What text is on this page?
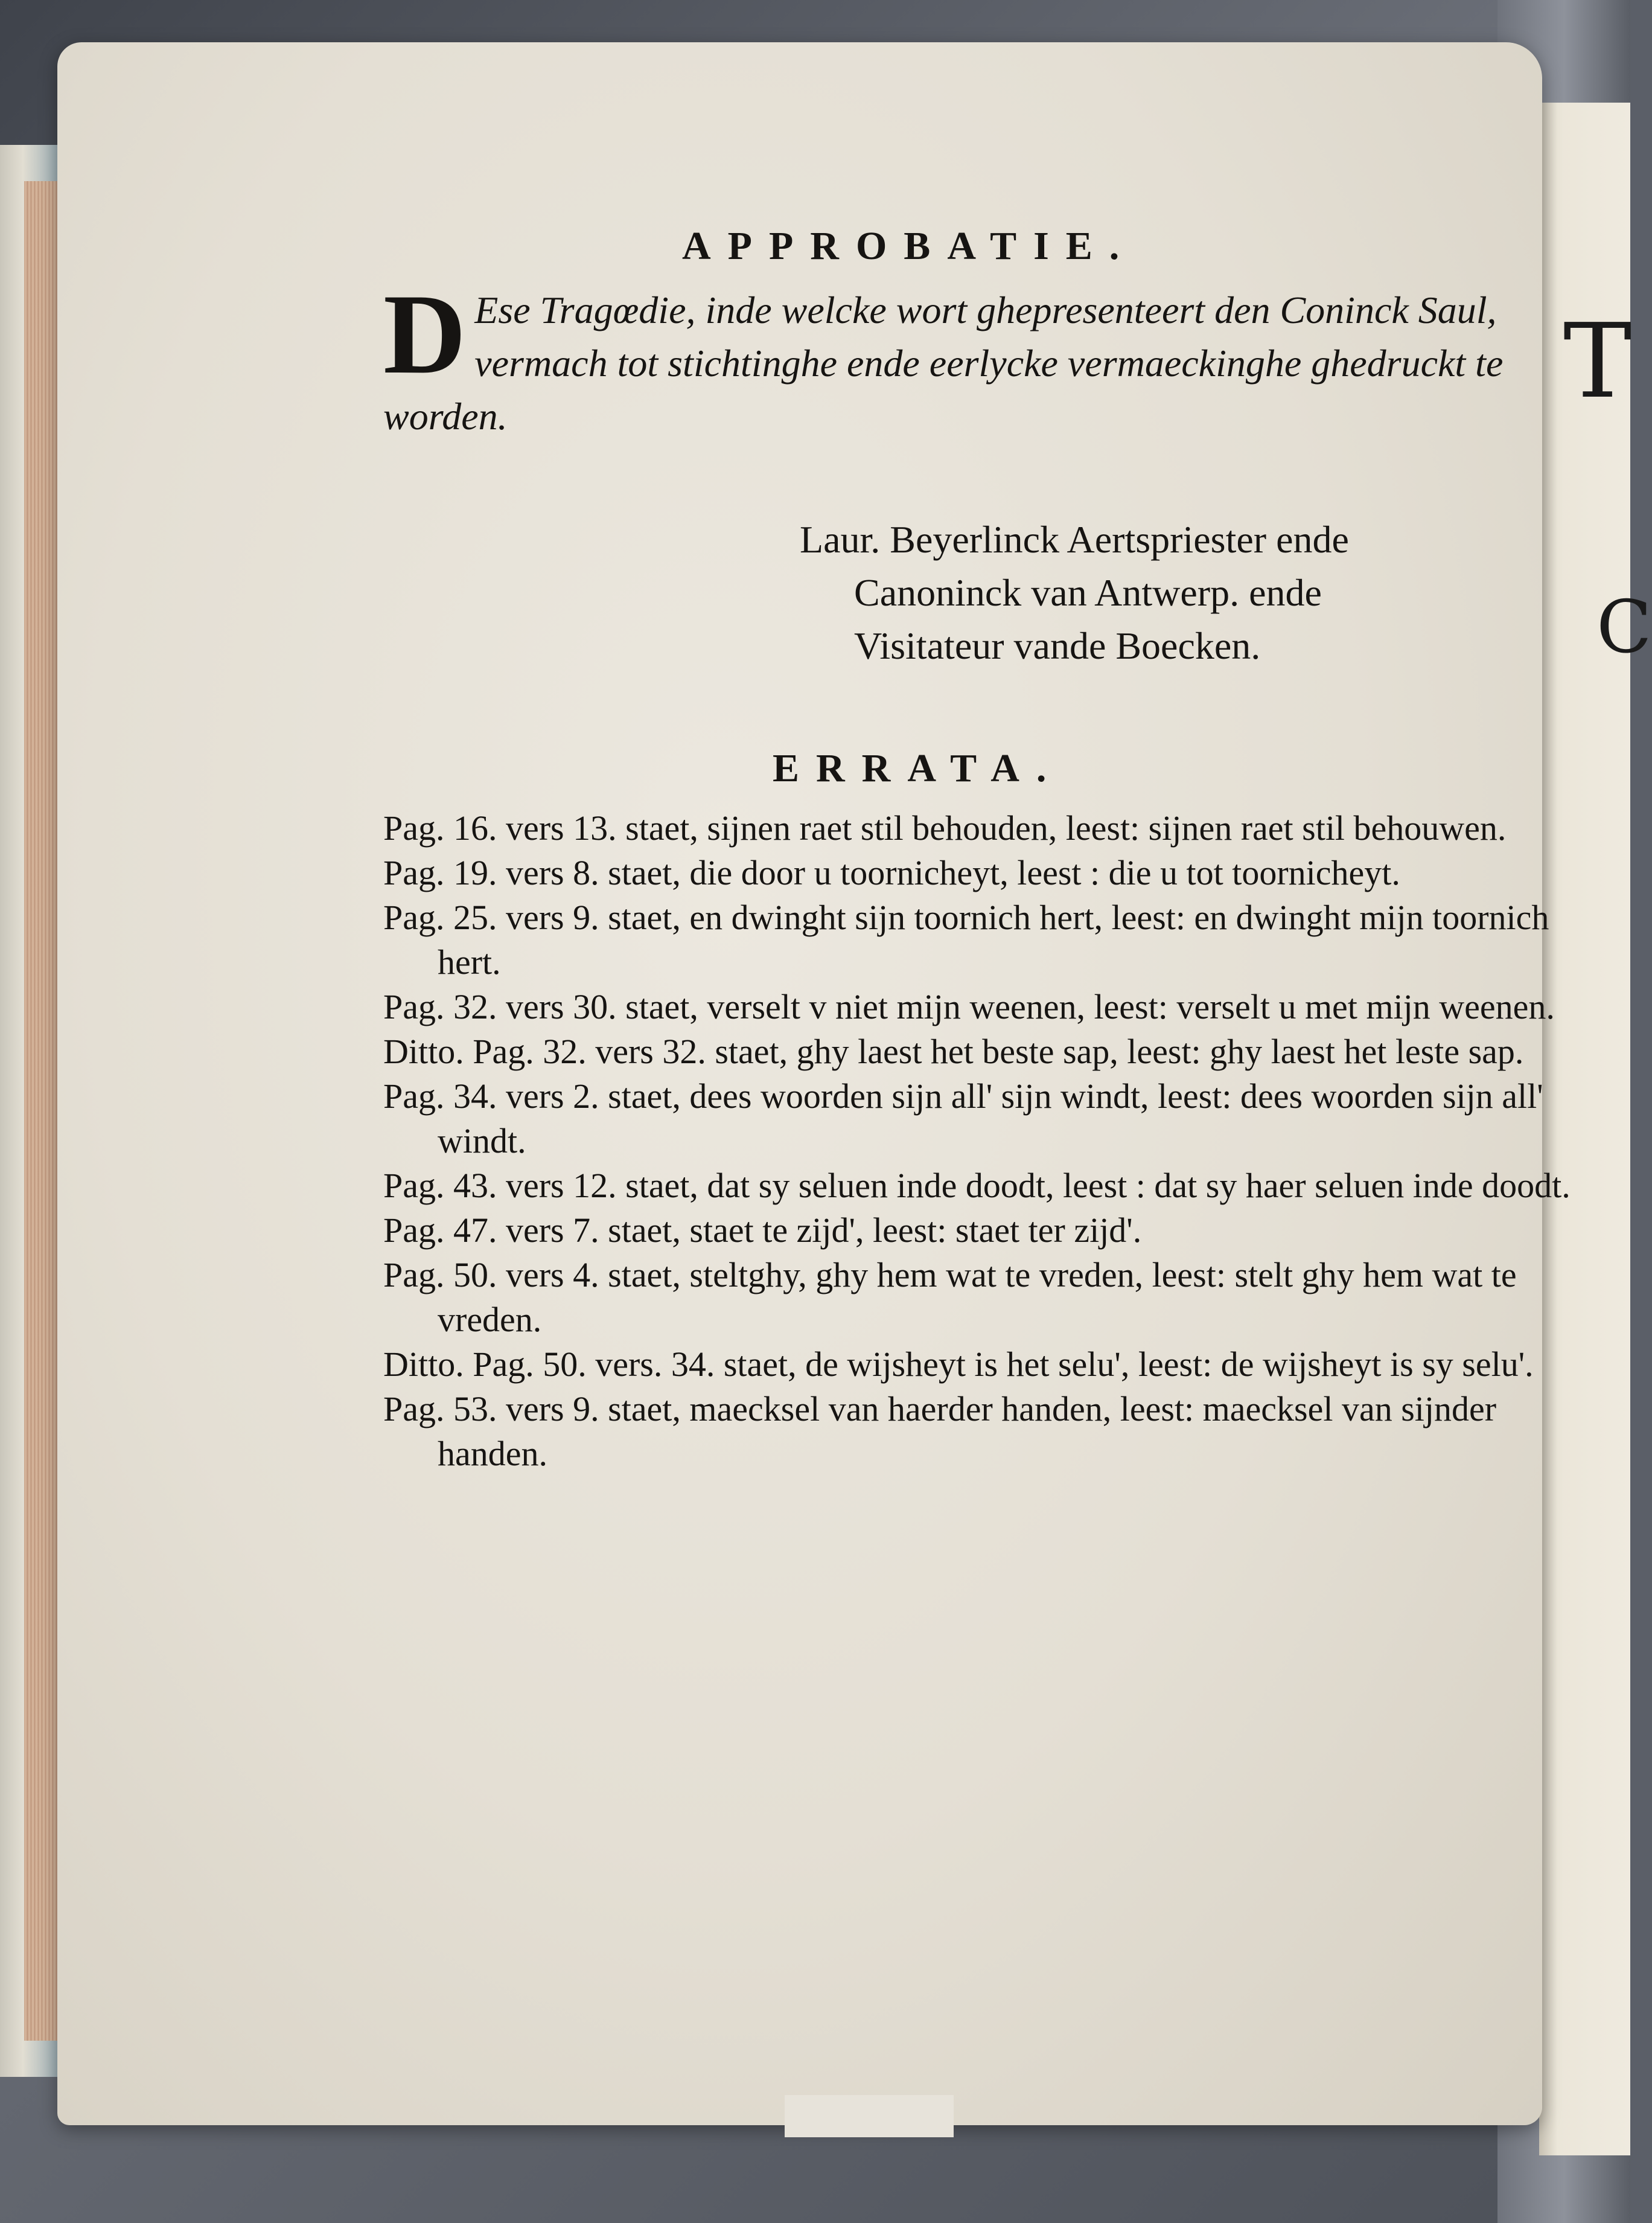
T
C
APPROBATIE.
D Ese Tragœdie, inde welcke wort ghepresenteert den Coninck Saul, vermach tot stichtinghe ende eerlycke vermaeckinghe ghedruckt te worden.
Laur. Beyerlinck Aertspriester ende
Canoninck van Antwerp. ende
Visitateur vande Boecken.
ERRATA.

Pag. 16. vers 13. staet, sijnen raet stil behouden, leest: sijnen raet stil behouwen.

Pag. 19. vers 8. staet, die door u toornicheyt, leest : die u tot toornicheyt.

Pag. 25. vers 9. staet, en dwinght sijn toornich hert, leest: en dwinght mijn toornich hert.

Pag. 32. vers 30. staet, verselt v niet mijn weenen, leest: verselt u met mijn weenen.

Ditto. Pag. 32. vers 32. staet, ghy laest het beste sap, leest: ghy laest het leste sap.

Pag. 34. vers 2. staet, dees woorden sijn all' sijn windt, leest: dees woorden sijn all' windt.

Pag. 43. vers 12. staet, dat sy seluen inde doodt, leest : dat sy haer seluen inde doodt.

Pag. 47. vers 7. staet, staet te zijd', leest: staet ter zijd'.

Pag. 50. vers 4. staet, steltghy, ghy hem wat te vreden, leest: stelt ghy hem wat te vreden.

Ditto. Pag. 50. vers. 34. staet, de wijsheyt is het selu', leest: de wijsheyt is sy selu'.

Pag. 53. vers 9. staet, maecksel van haerder handen, leest: maecksel van sijnder handen.
